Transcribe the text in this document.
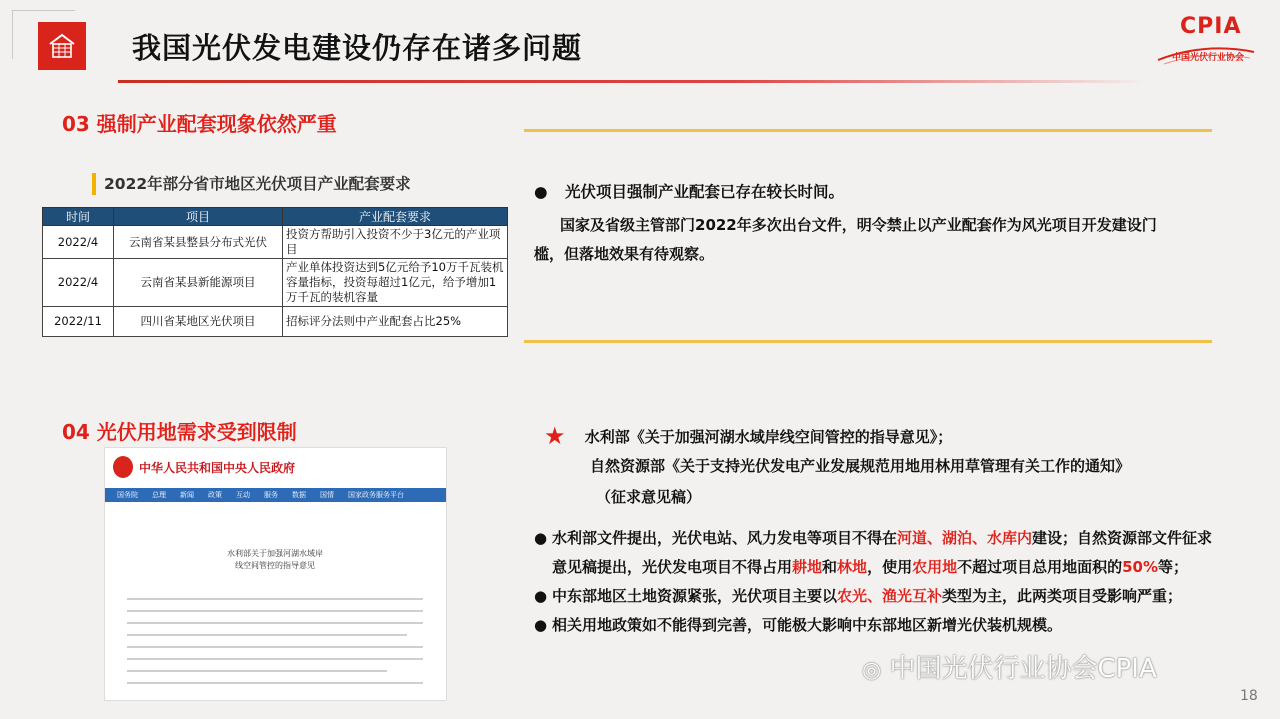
我国光伏发电建设仍存在诸多问题
CPIA
中国光伏行业协会
03 强制产业配套现象依然严重
2022年部分省市地区光伏项目产业配套要求
时间	项目	产业配套要求
2022/4	云南省某县整县分布式光伏	投资方帮助引入投资不少于3亿元的产业项目
2022/4	云南省某县新能源项目	产业单体投资达到5亿元给予10万千瓦装机容量指标，投资每超过1亿元，给予增加1万千瓦的装机容量
2022/11	四川省某地区光伏项目	招标评分法则中产业配套占比25%
● 光伏项目强制产业配套已存在较长时间。
国家及省级主管部门2022年多次出台文件，明令禁止以产业配套作为风光项目开发建设门槛，但落地效果有待观察。
04 光伏用地需求受到限制
中华人民共和国中央人民政府
国务院 总理 新闻 政策 互动 服务 数据 国情 国家政务服务平台
水利部关于加强河湖水域岸线空间管控的指导意见
★ 水利部《关于加强河湖水域岸线空间管控的指导意见》；
自然资源部《关于支持光伏发电产业发展规范用地用林用草管理有关工作的通知》
（征求意见稿）
● 水利部文件提出，光伏电站、风力发电等项目不得在河道、湖泊、水库内建设；自然资源部文件征求意见稿提出，光伏发电项目不得占用耕地和林地，使用农用地不超过项目总用地面积的50%等；
● 中东部地区土地资源紧张，光伏项目主要以农光、渔光互补类型为主，此两类项目受影响严重；
● 相关用地政策如不能得到完善，可能极大影响中东部地区新增光伏装机规模。
◎ 中国光伏行业协会CPIA
18
